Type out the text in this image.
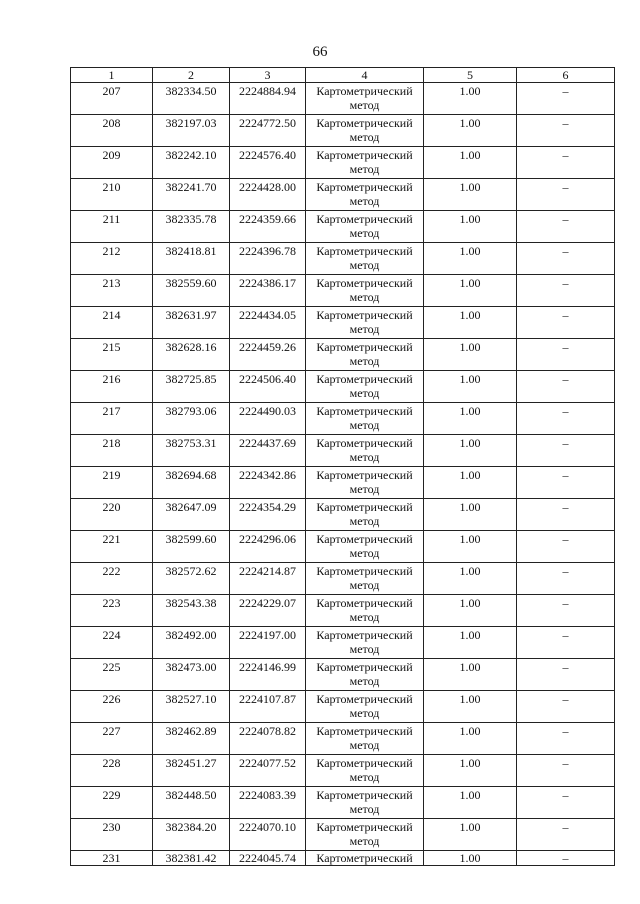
66
1	2	3	4	5	6
207	382334.50	2224884.94	Картометрический метод	1.00	–
208	382197.03	2224772.50	Картометрический метод	1.00	–
209	382242.10	2224576.40	Картометрический метод	1.00	–
210	382241.70	2224428.00	Картометрический метод	1.00	–
211	382335.78	2224359.66	Картометрический метод	1.00	–
212	382418.81	2224396.78	Картометрический метод	1.00	–
213	382559.60	2224386.17	Картометрический метод	1.00	–
214	382631.97	2224434.05	Картометрический метод	1.00	–
215	382628.16	2224459.26	Картометрический метод	1.00	–
216	382725.85	2224506.40	Картометрический метод	1.00	–
217	382793.06	2224490.03	Картометрический метод	1.00	–
218	382753.31	2224437.69	Картометрический метод	1.00	–
219	382694.68	2224342.86	Картометрический метод	1.00	–
220	382647.09	2224354.29	Картометрический метод	1.00	–
221	382599.60	2224296.06	Картометрический метод	1.00	–
222	382572.62	2224214.87	Картометрический метод	1.00	–
223	382543.38	2224229.07	Картометрический метод	1.00	–
224	382492.00	2224197.00	Картометрический метод	1.00	–
225	382473.00	2224146.99	Картометрический метод	1.00	–
226	382527.10	2224107.87	Картометрический метод	1.00	–
227	382462.89	2224078.82	Картометрический метод	1.00	–
228	382451.27	2224077.52	Картометрический метод	1.00	–
229	382448.50	2224083.39	Картометрический метод	1.00	–
230	382384.20	2224070.10	Картометрический метод	1.00	–
231	382381.42	2224045.74	Картометрический	1.00	–
